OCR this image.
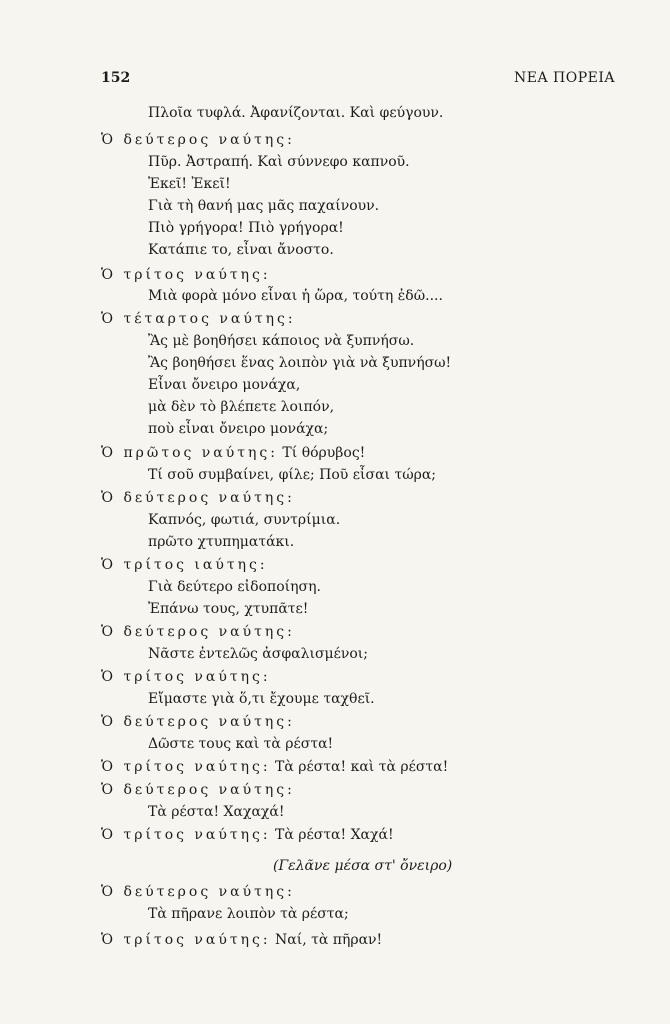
152	ΝΕΑ ΠΟΡΕΙΑ
Πλοῖα τυφλά. Ἀφανίζονται. Καὶ φεύγουν.
Ὁ δεύτερος ναύτης:
Πῦρ. Ἀστραπή. Καὶ σύννεφο καπνοῦ.
Ἐκεῖ! Ἐκεῖ!
Γιὰ τὴ θανή μας μᾶς παχαίνουν.
Πιὸ γρήγορα! Πιὸ γρήγορα!
Κατάπιε το, εἶναι ἄνοστο.
Ὁ τρίτος ναύτης:
Μιὰ φορὰ μόνο εἶναι ἡ ὥρα, τούτη ἐδῶ....
Ὁ τέταρτος ναύτης:
Ἂς μὲ βοηθήσει κάποιος νὰ ξυπνήσω.
Ἂς βοηθήσει ἕνας λοιπὸν γιὰ νὰ ξυπνήσω!
Εἶναι ὄνειρο μονάχα,
μὰ δὲν τὸ βλέπετε λοιπόν,
ποὺ εἶναι ὄνειρο μονάχα;
Ὁ πρῶτος ναύτης: Τί θόρυβος!
Τί σοῦ συμβαίνει, φίλε; Ποῦ εἶσαι τώρα;
Ὁ δεύτερος ναύτης:
Καπνός, φωτιά, συντρίμια.
πρῶτο χτυπηματάκι.
Ὁ τρίτος ιαύτης:
Γιὰ δεύτερο εἰδοποίηση.
Ἐπάνω τους, χτυπᾶτε!
Ὁ δεύτερος ναύτης:
Νᾶστε ἐντελῶς ἀσφαλισμένοι;
Ὁ τρίτος ναύτης:
Εἴμαστε γιὰ ὅ,τι ἔχουμε ταχθεῖ.
Ὁ δεύτερος ναύτης:
Δῶστε τους καὶ τὰ ρέστα!
Ὁ τρίτος ναύτης: Τὰ ρέστα! καὶ τὰ ρέστα!
Ὁ δεύτερος ναύτης:
Τὰ ρέστα! Χαχαχά!
Ὁ τρίτος ναύτης: Τὰ ρέστα! Χαχά!
(Γελᾶνε μέσα στ' ὄνειρο)
Ὁ δεύτερος ναύτης:
Τὰ πῆρανε λοιπὸν τὰ ρέστα;
Ὁ τρίτος ναύτης: Ναί, τὰ πῆραν!
